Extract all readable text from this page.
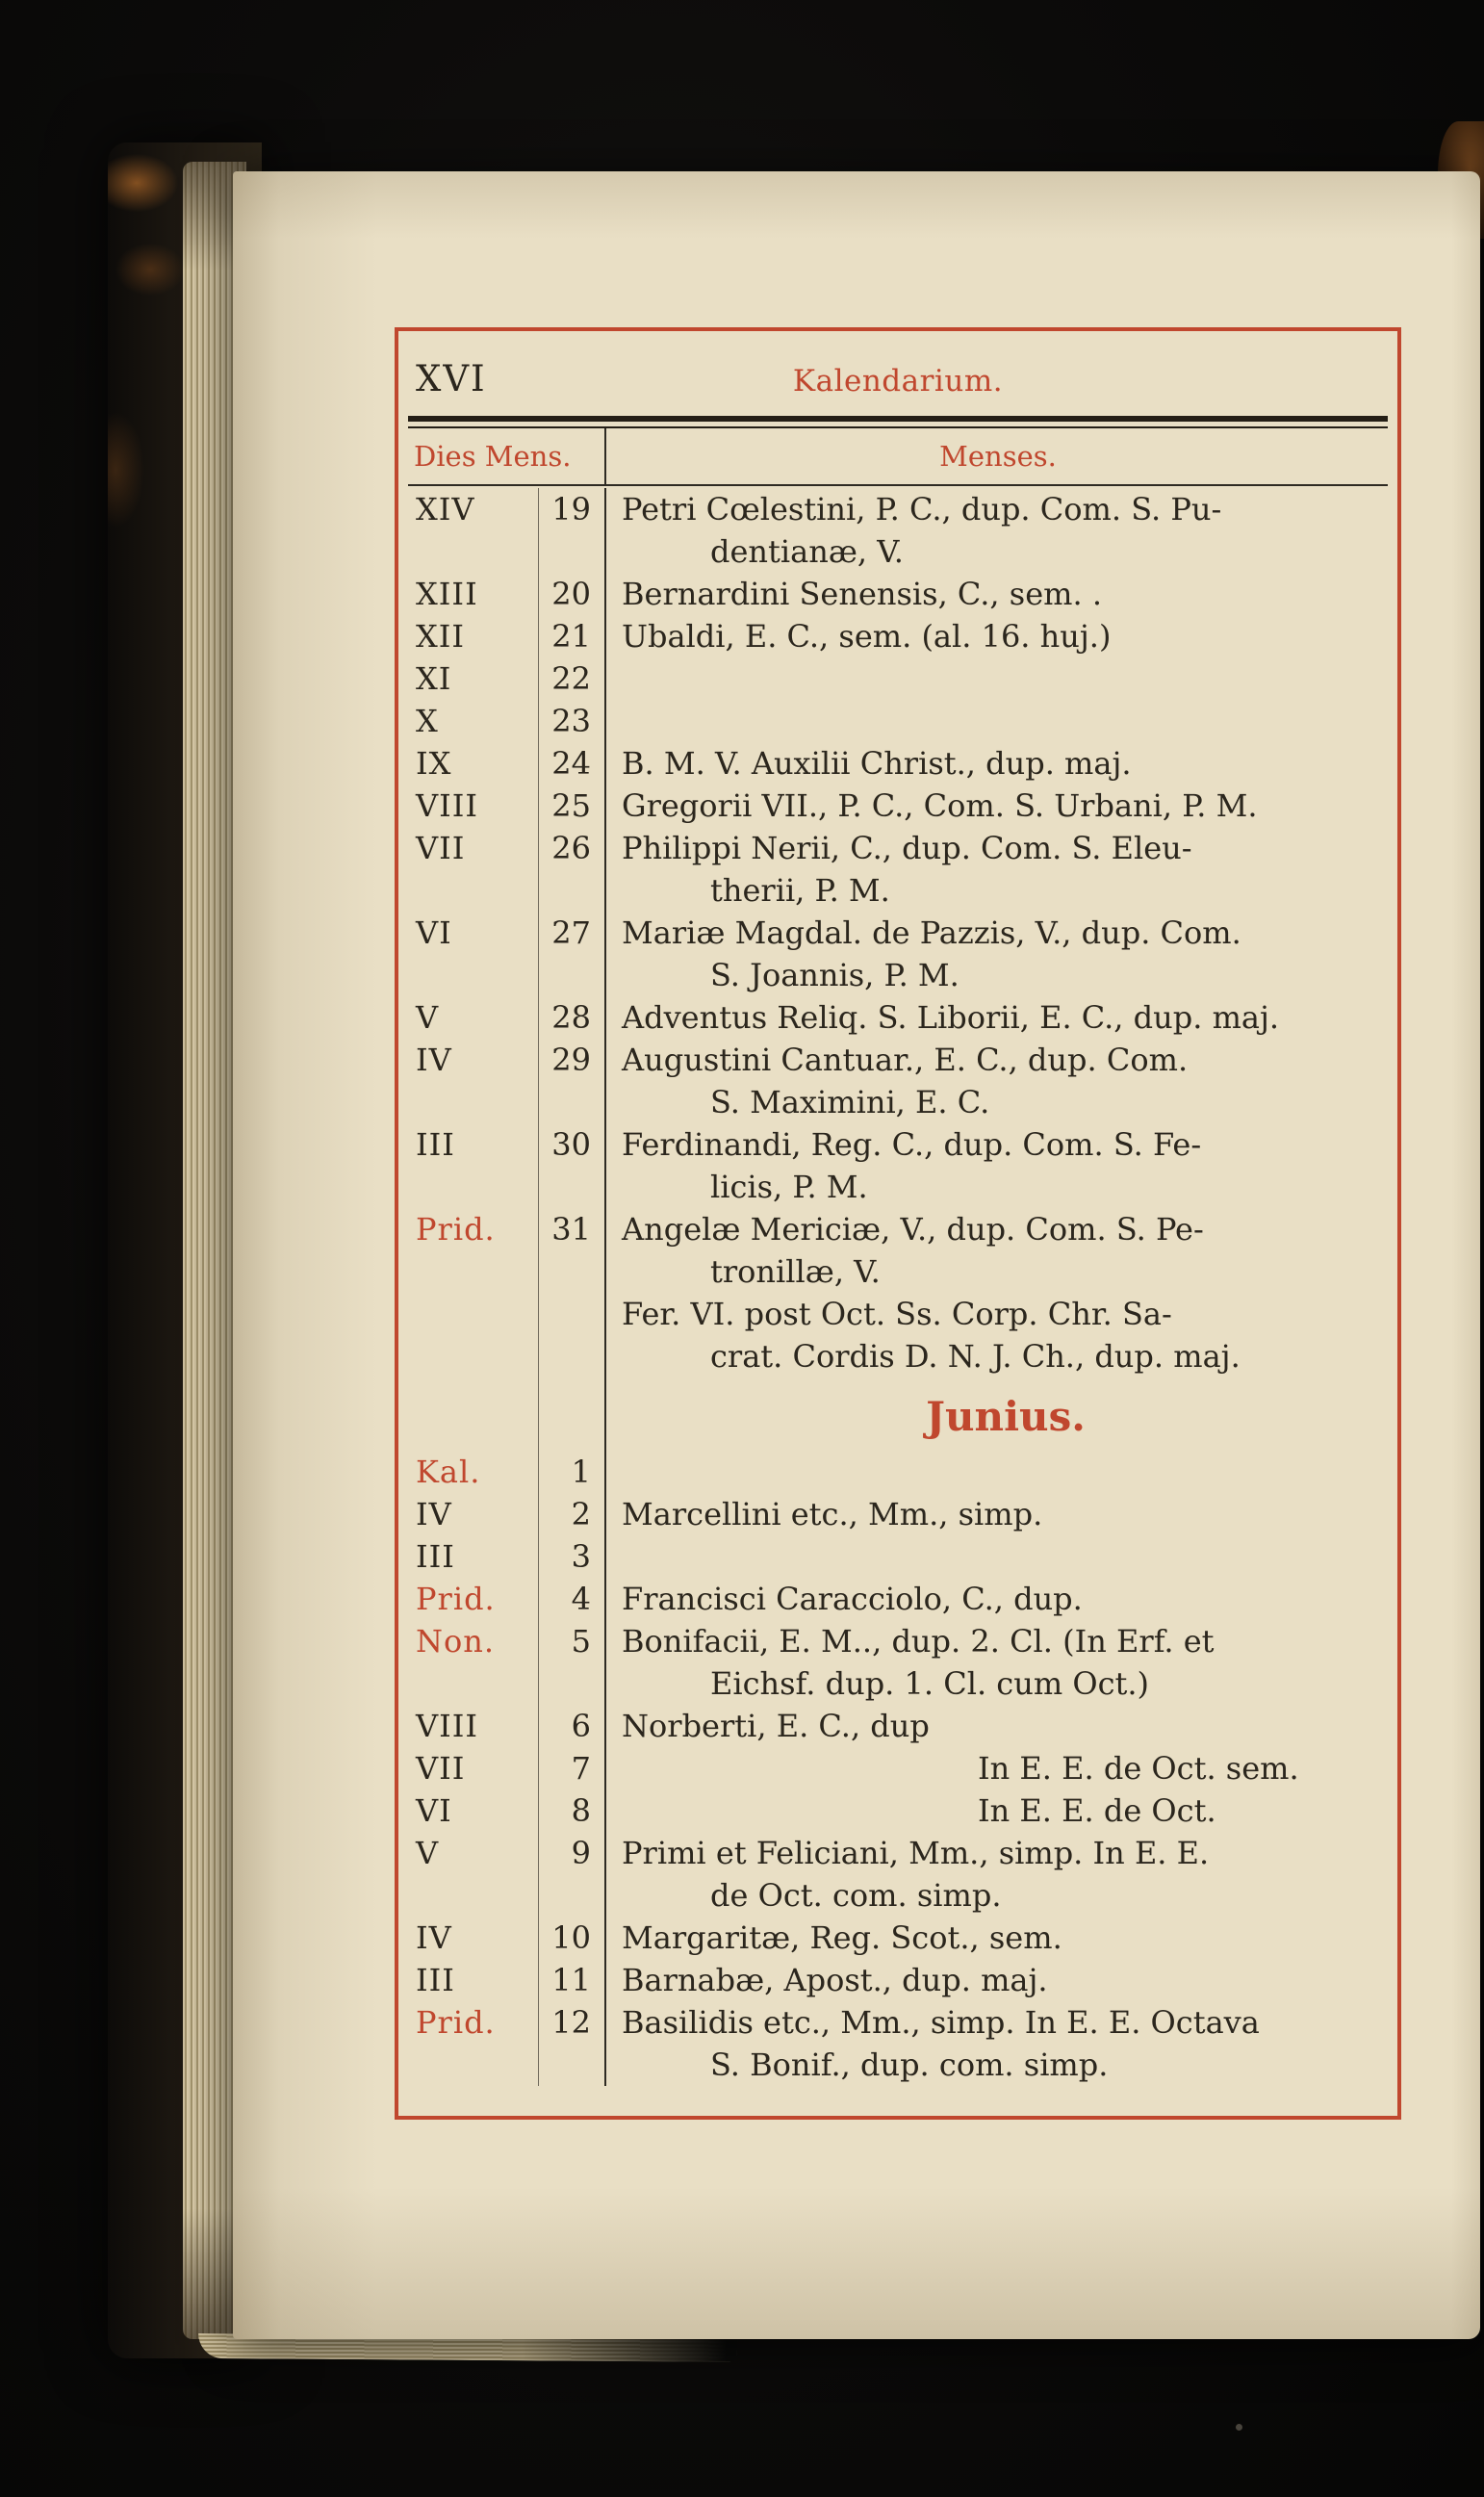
XVI	Kalendarium.
Dies Mens.	Menses.
XIV	19	Petri Cœlestini, P. C., dup. Com. S. Pu-
dentianæ, V.
XIII	20	Bernardini Senensis, C., sem. .
XII	21	Ubaldi, E. C., sem. (al. 16. huj.)
XI	22
X	23
IX	24	B. M. V. Auxilii Christ., dup. maj.
VIII	25	Gregorii VII., P. C., Com. S. Urbani, P. M.
VII	26	Philippi Nerii, C., dup. Com. S. Eleu-
therii, P. M.
VI	27	Mariæ Magdal. de Pazzis, V., dup. Com.
S. Joannis, P. M.
V	28	Adventus Reliq. S. Liborii, E. C., dup. maj.
IV	29	Augustini Cantuar., E. C., dup. Com.
S. Maximini, E. C.
III	30	Ferdinandi, Reg. C., dup. Com. S. Fe-
licis, P. M.
Prid.	31	Angelæ Mericiæ, V., dup. Com. S. Pe-
tronillæ, V.
Fer. VI. post Oct. Ss. Corp. Chr. Sa-
crat. Cordis D. N. J. Ch., dup. maj.
Junius.
Kal.	1
IV	2	Marcellini etc., Mm., simp.
III	3
Prid.	4	Francisci Caracciolo, C., dup.
Non.	5	Bonifacii, E. M.., dup. 2. Cl. (In Erf. et
Eichsf. dup. 1. Cl. cum Oct.)
VIII	6	Norberti, E. C., dup
VII	7	In E. E. de Oct. sem.
VI	8	In E. E. de Oct.
V	9	Primi et Feliciani, Mm., simp. In E. E.
de Oct. com. simp.
IV	10	Margaritæ, Reg. Scot., sem.
III	11	Barnabæ, Apost., dup. maj.
Prid.	12	Basilidis etc., Mm., simp. In E. E. Octava
S. Bonif., dup. com. simp.
